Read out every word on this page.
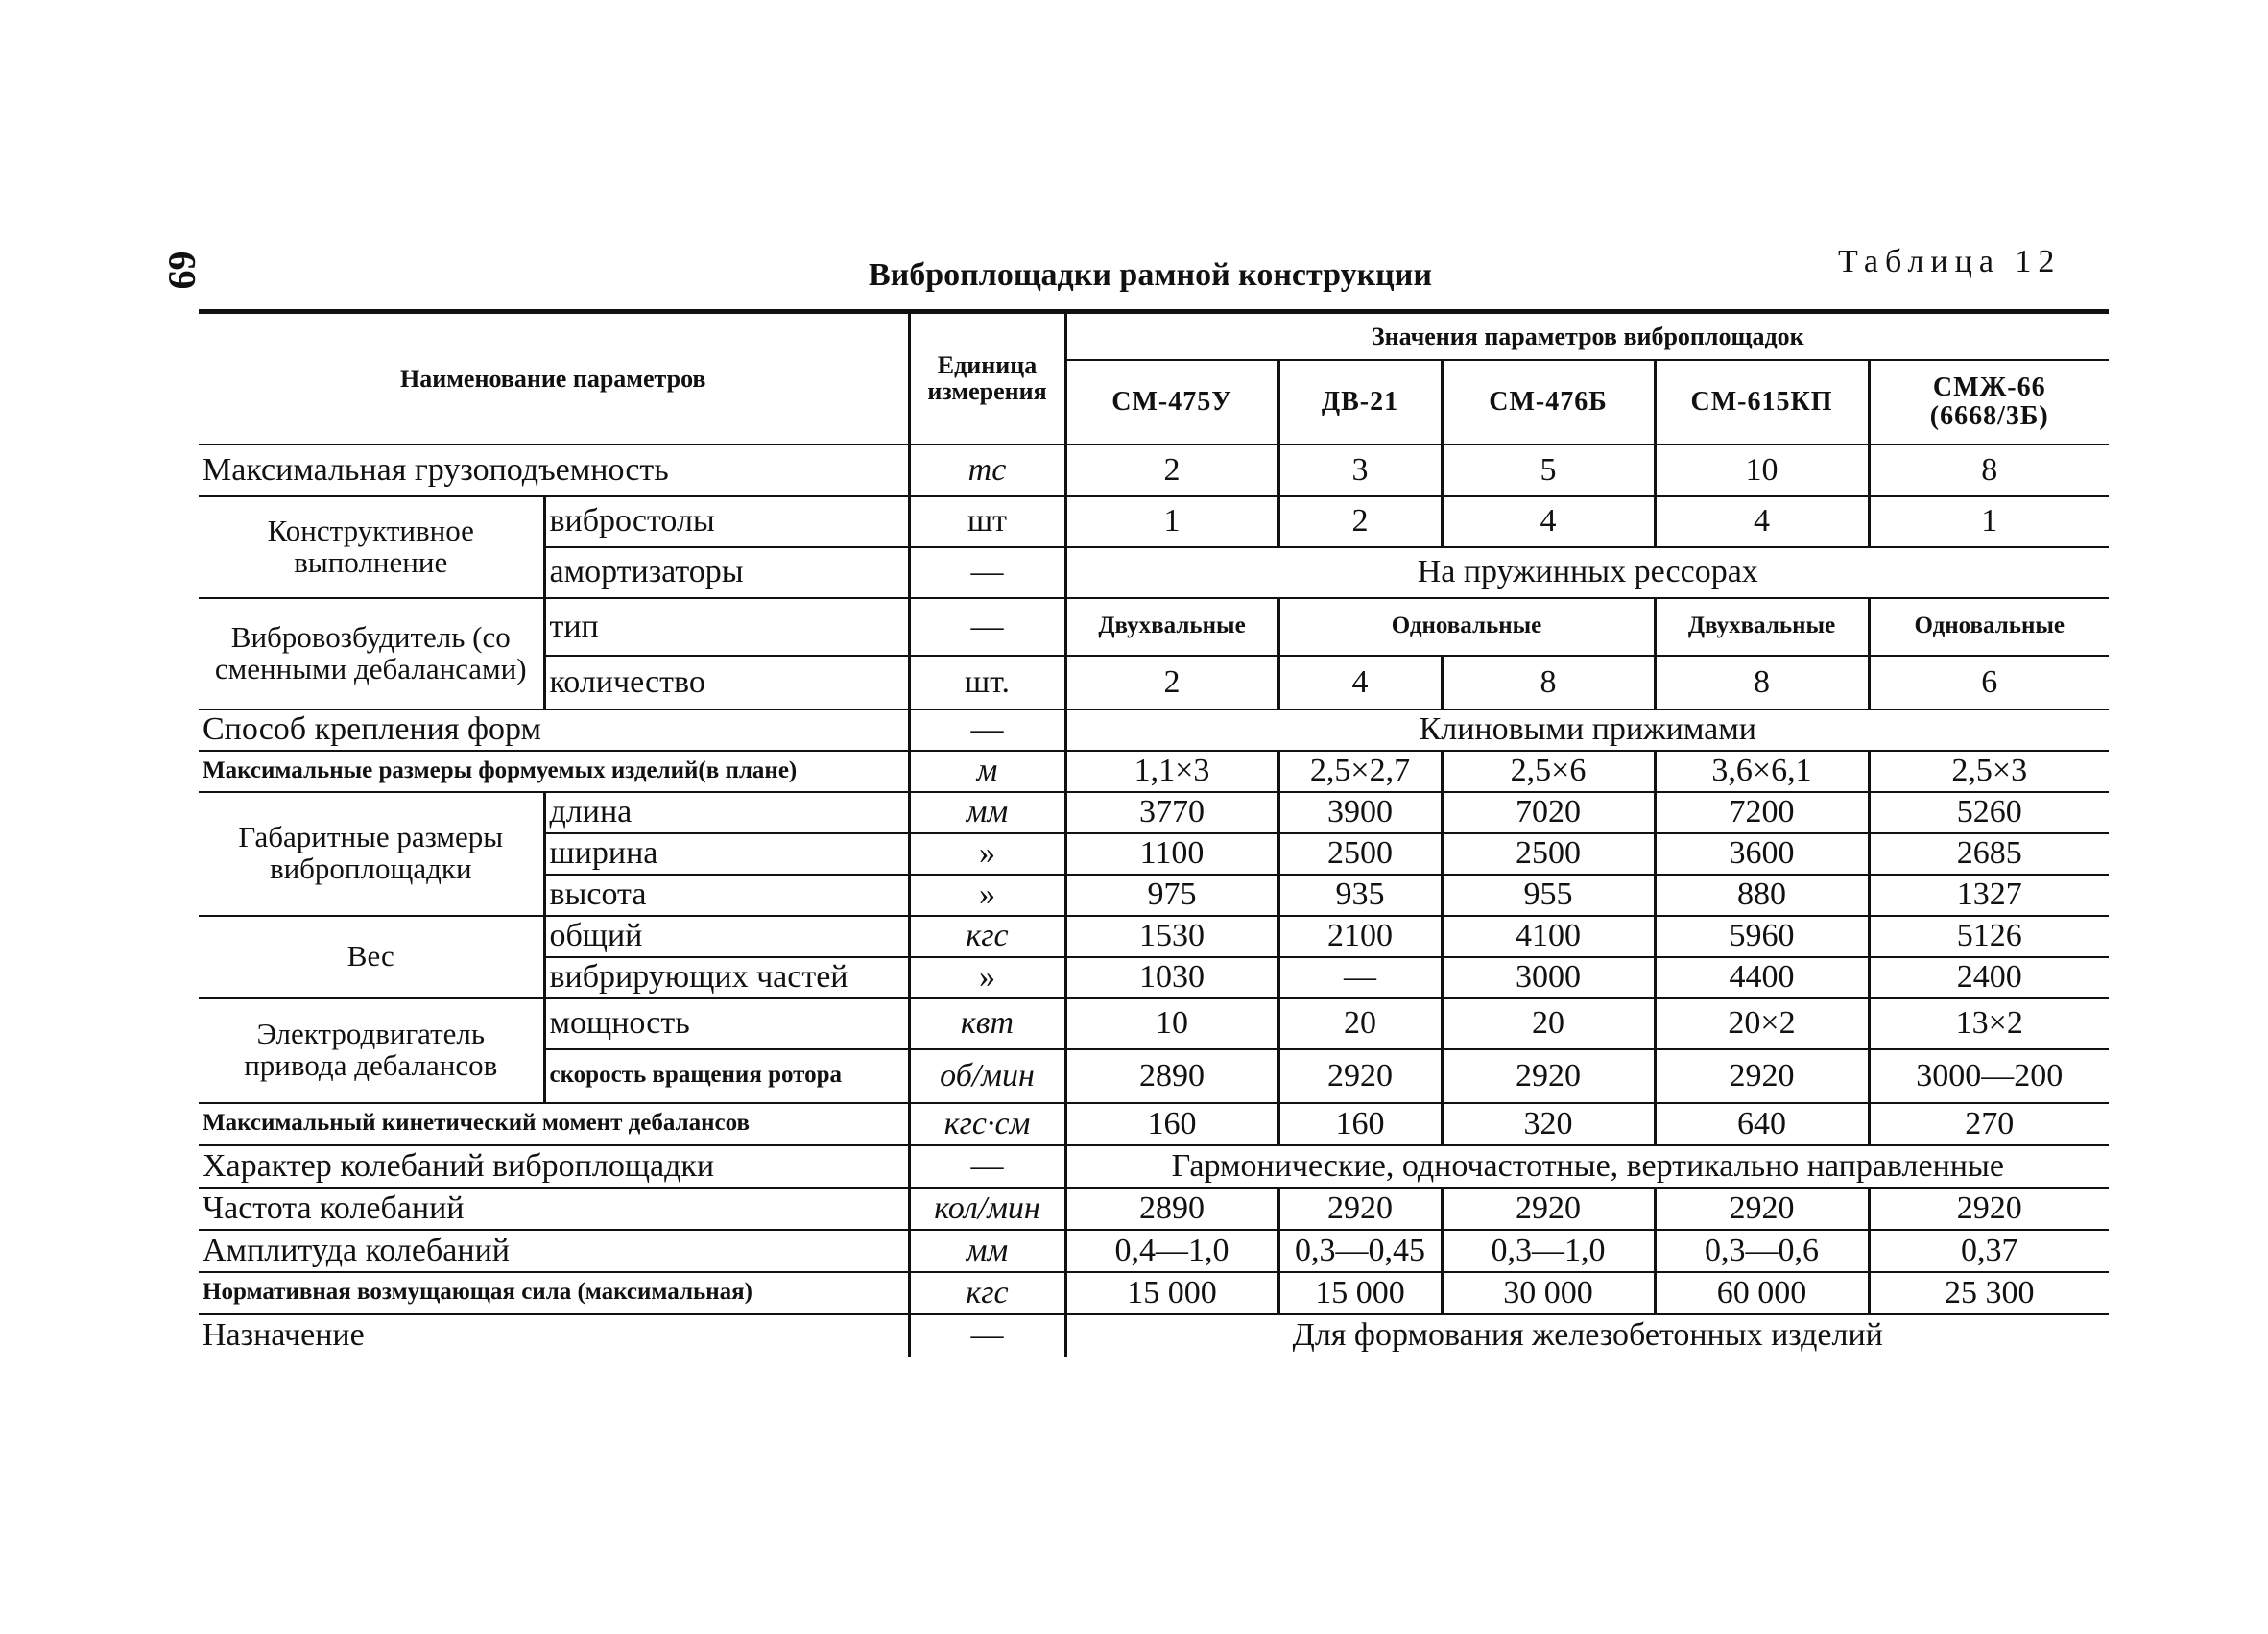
69	Виброплощадки рамной конструкции	Таблица 12
Наименование параметров		Единица измерения	Значения параметров виброплощадок				
			СМ-475У	ДВ-21	СМ-476Б	СМ-615КП	СМЖ-66 (6668/3Б)
Максимальная грузоподъемность		тс	2	3	5	10	8
Конструктивное выполнение	вибростолы	шт	1	2	4	4	1
	амортизаторы	—	На пружинных рессорах				
Вибровозбудитель (со сменными дебалансами)	тип	—	Двухвальные	Одновальные		Двухвальные	Одновальные
	количество	шт.	2	4	8	8	6
Способ крепления форм		—	Клиновыми прижимами				
Максимальные размеры формуемых изделий(в плане)		м	1,1×3	2,5×2,7	2,5×6	3,6×6,1	2,5×3
Габаритные размеры виброплощадки	длина	мм	3770	3900	7020	7200	5260
	ширина	»	1100	2500	2500	3600	2685
	высота	»	975	935	955	880	1327
Вес	общий	кгс	1530	2100	4100	5960	5126
	вибрирующих частей	»	1030	—	3000	4400	2400
Электродвигатель привода дебалансов	мощность	квт	10	20	20	20×2	13×2
	скорость вращения ротора	об/мин	2890	2920	2920	2920	3000—200
Максимальный кинетический момент дебалансов		кгс·см	160	160	320	640	270
Характер колебаний виброплощадки		—	Гармонические, одночастотные, вертикально направленные				
Частота колебаний		кол/мин	2890	2920	2920	2920	2920
Амплитуда колебаний		мм	0,4—1,0	0,3—0,45	0,3—1,0	0,3—0,6	0,37
Нормативная возмущающая сила (максимальная)		кгс	15 000	15 000	30 000	60 000	25 300
Назначение		—	Для формования железобетонных изделий				
